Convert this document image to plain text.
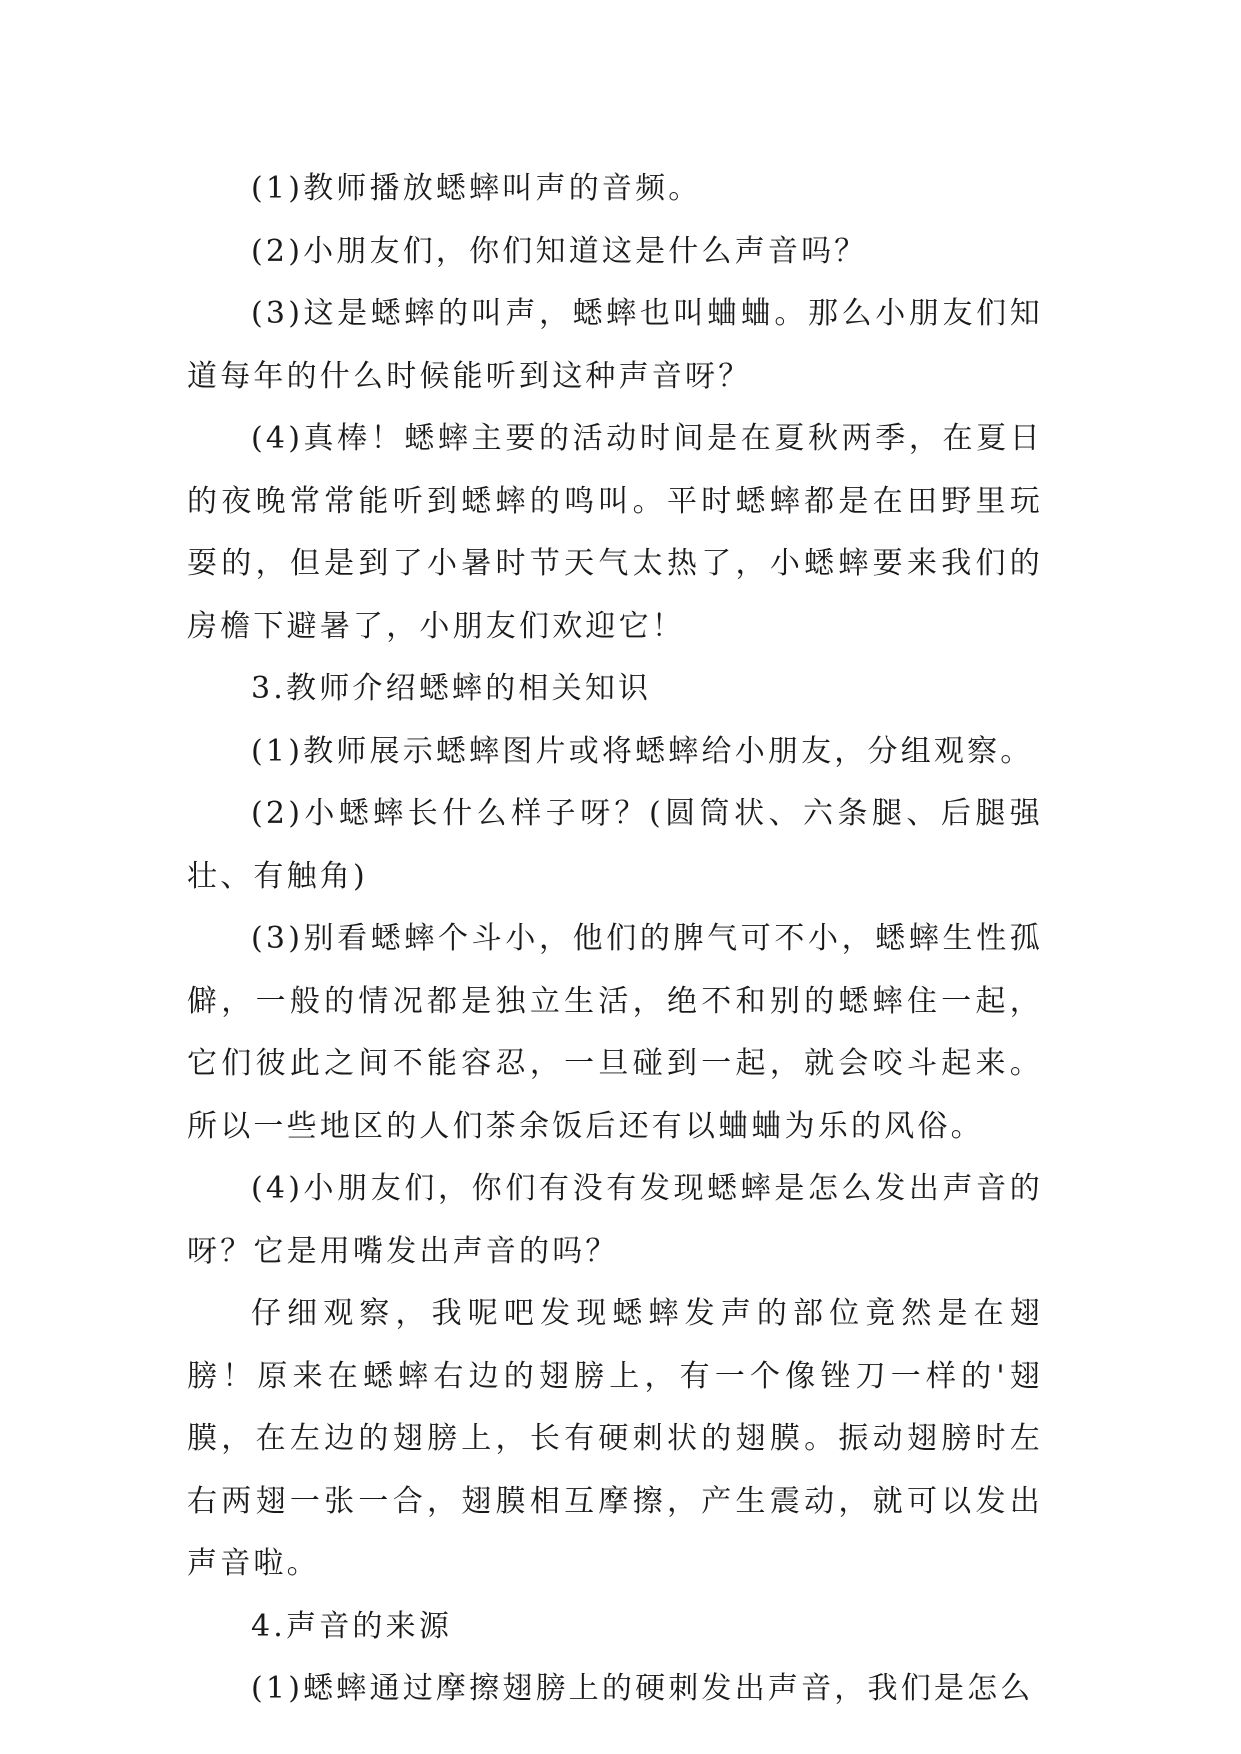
(1)教师播放蟋蟀叫声的音频。

(2)小朋友们，你们知道这是什么声音吗？

(3)这是蟋蟀的叫声，蟋蟀也叫蛐蛐。那么小朋友们知道每年的什么时候能听到这种声音呀？

(4)真棒！蟋蟀主要的活动时间是在夏秋两季，在夏日的夜晚常常能听到蟋蟀的鸣叫。平时蟋蟀都是在田野里玩耍的，但是到了小暑时节天气太热了，小蟋蟀要来我们的房檐下避暑了，小朋友们欢迎它！

3.教师介绍蟋蟀的相关知识

(1)教师展示蟋蟀图片或将蟋蟀给小朋友，分组观察。

(2)小蟋蟀长什么样子呀？(圆筒状、六条腿、后腿强壮、有触角)

(3)别看蟋蟀个斗小，他们的脾气可不小，蟋蟀生性孤僻，一般的情况都是独立生活，绝不和别的蟋蟀住一起，它们彼此之间不能容忍，一旦碰到一起，就会咬斗起来。所以一些地区的人们茶余饭后还有以蛐蛐为乐的风俗。

(4)小朋友们，你们有没有发现蟋蟀是怎么发出声音的呀？它是用嘴发出声音的吗？

仔细观察，我呢吧发现蟋蟀发声的部位竟然是在翅膀！原来在蟋蟀右边的翅膀上，有一个像锉刀一样的'翅膜，在左边的翅膀上，长有硬刺状的翅膜。振动翅膀时左右两翅一张一合，翅膜相互摩擦，产生震动，就可以发出声音啦。

4.声音的来源

(1)蟋蟀通过摩擦翅膀上的硬刺发出声音，我们是怎么
